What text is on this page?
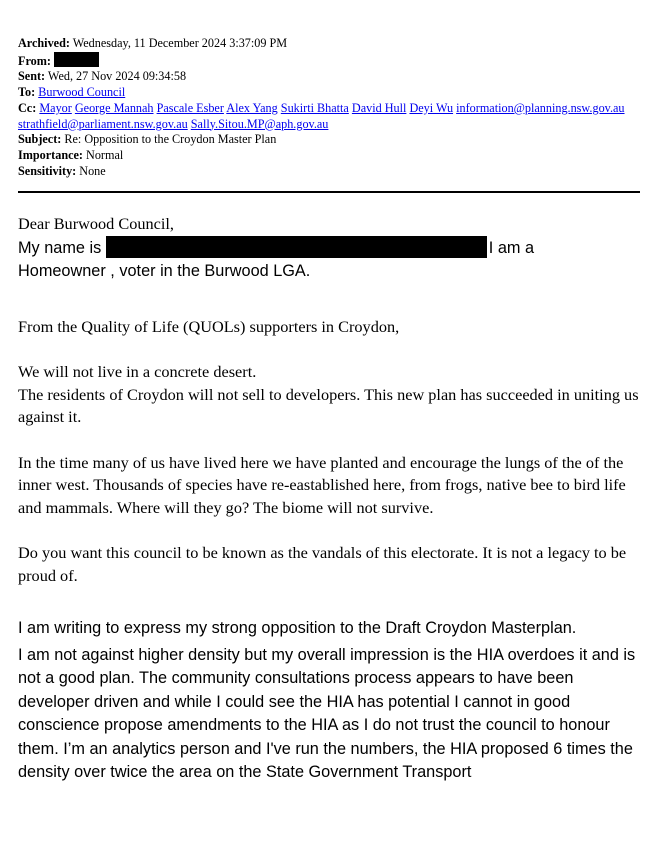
Archived: Wednesday, 11 December 2024 3:37:09 PM
From:
Sent: Wed, 27 Nov 2024 09:34:58
To: Burwood Council
Cc: Mayor George Mannah Pascale Esber Alex Yang Sukirti Bhatta David Hull Deyi Wu information@planning.nsw.gov.au
strathfield@parliament.nsw.gov.au Sally.Sitou.MP@aph.gov.au
Subject: Re: Opposition to the Croydon Master Plan
Importance: Normal
Sensitivity: None

Dear Burwood Council,

My name is	I am a

Homeowner , voter in the Burwood LGA.

From the Quality of Life (QUOLs) supporters in Croydon,

We will not live in a concrete desert.

The residents of Croydon will not sell to developers. This new plan has succeeded in uniting us against it.

In the time many of us have lived here we have planted and encourage the lungs of the of the inner west. Thousands of species have re-eastablished here, from frogs, native bee to bird life and mammals. Where will they go? The biome will not survive.

Do you want this council to be known as the vandals of this electorate. It is not a legacy to be proud of.

I am writing to express my strong opposition to the Draft Croydon Masterplan.

I am not against higher density but my overall impression is the HIA overdoes it and is not a good plan. The community consultations process appears to have been developer driven and while I could see the HIA has potential I cannot in good conscience propose amendments to the HIA as I do not trust the council to honour them. I’m an analytics person and I've run the numbers, the HIA proposed 6 times the density over twice the area on the State Government Transport
